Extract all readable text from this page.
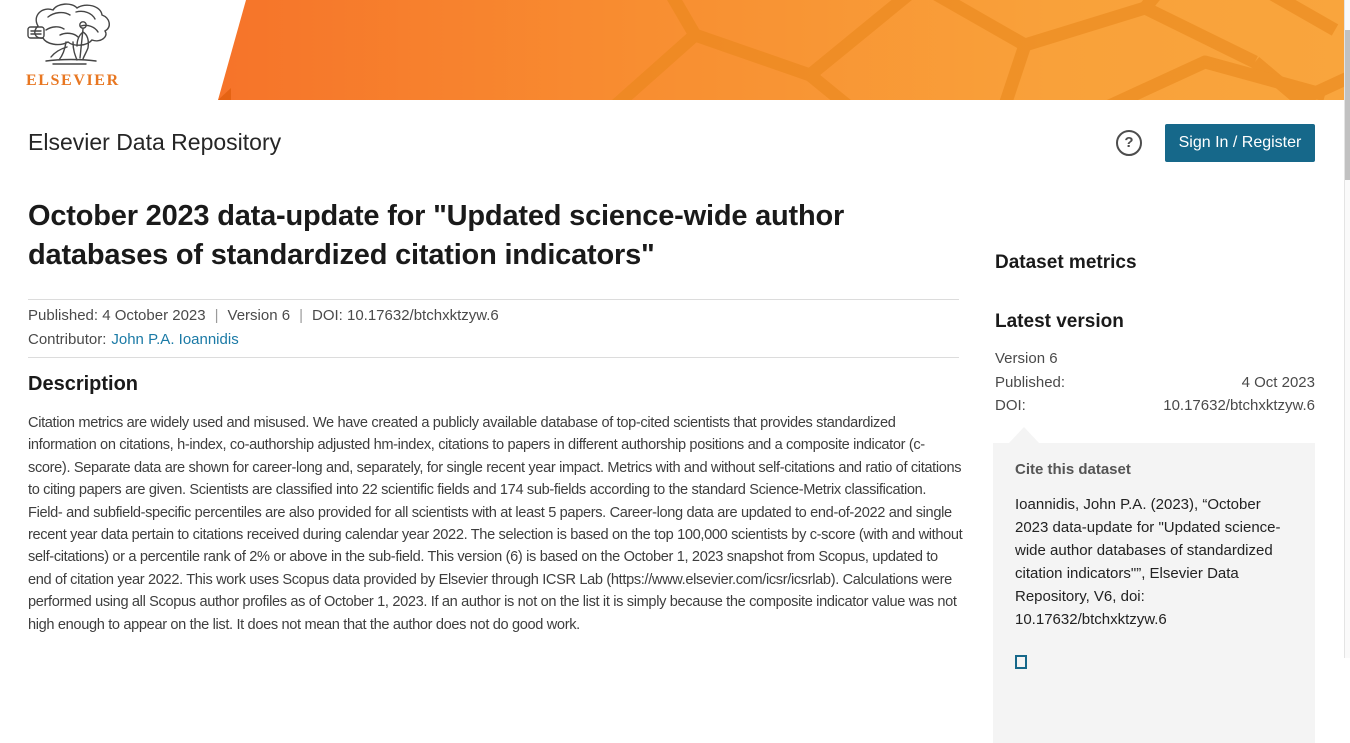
ELSEVIER
Elsevier Data Repository	?	Sign In / Register
October 2023 data-update for "Updated science-wide author databases of standardized citation indicators"
Published: 4 October 2023 | Version 6 | DOI: 10.17632/btchxktzyw.6
Contributor: John P.A. Ioannidis
Description

Citation metrics are widely used and misused. We have created a publicly available database of top-cited scientists that provides standardized information on citations, h-index, co-authorship adjusted hm-index, citations to papers in different authorship positions and a composite indicator (c-score). Separate data are shown for career-long and, separately, for single recent year impact. Metrics with and without self-citations and ratio of citations to citing papers are given. Scientists are classified into 22 scientific fields and 174 sub-fields according to the standard Science-Metrix classification. Field- and subfield-specific percentiles are also provided for all scientists with at least 5 papers. Career-long data are updated to end-of-2022 and single recent year data pertain to citations received during calendar year 2022. The selection is based on the top 100,000 scientists by c-score (with and without self-citations) or a percentile rank of 2% or above in the sub-field. This version (6) is based on the October 1, 2023 snapshot from Scopus, updated to end of citation year 2022. This work uses Scopus data provided by Elsevier through ICSR Lab (https://www.elsevier.com/icsr/icsrlab). Calculations were performed using all Scopus author profiles as of October 1, 2023. If an author is not on the list it is simply because the composite indicator value was not high enough to appear on the list. It does not mean that the author does not do good work.

Dataset metrics
Latest version
Version 6
Published:	4 Oct 2023
DOI:	10.17632/btchxktzyw.6
Cite this dataset
Ioannidis, John P.A. (2023), “October 2023 data-update for "Updated science-wide author databases of standardized citation indicators"”, Elsevier Data Repository, V6, doi: 10.17632/btchxktzyw.6
